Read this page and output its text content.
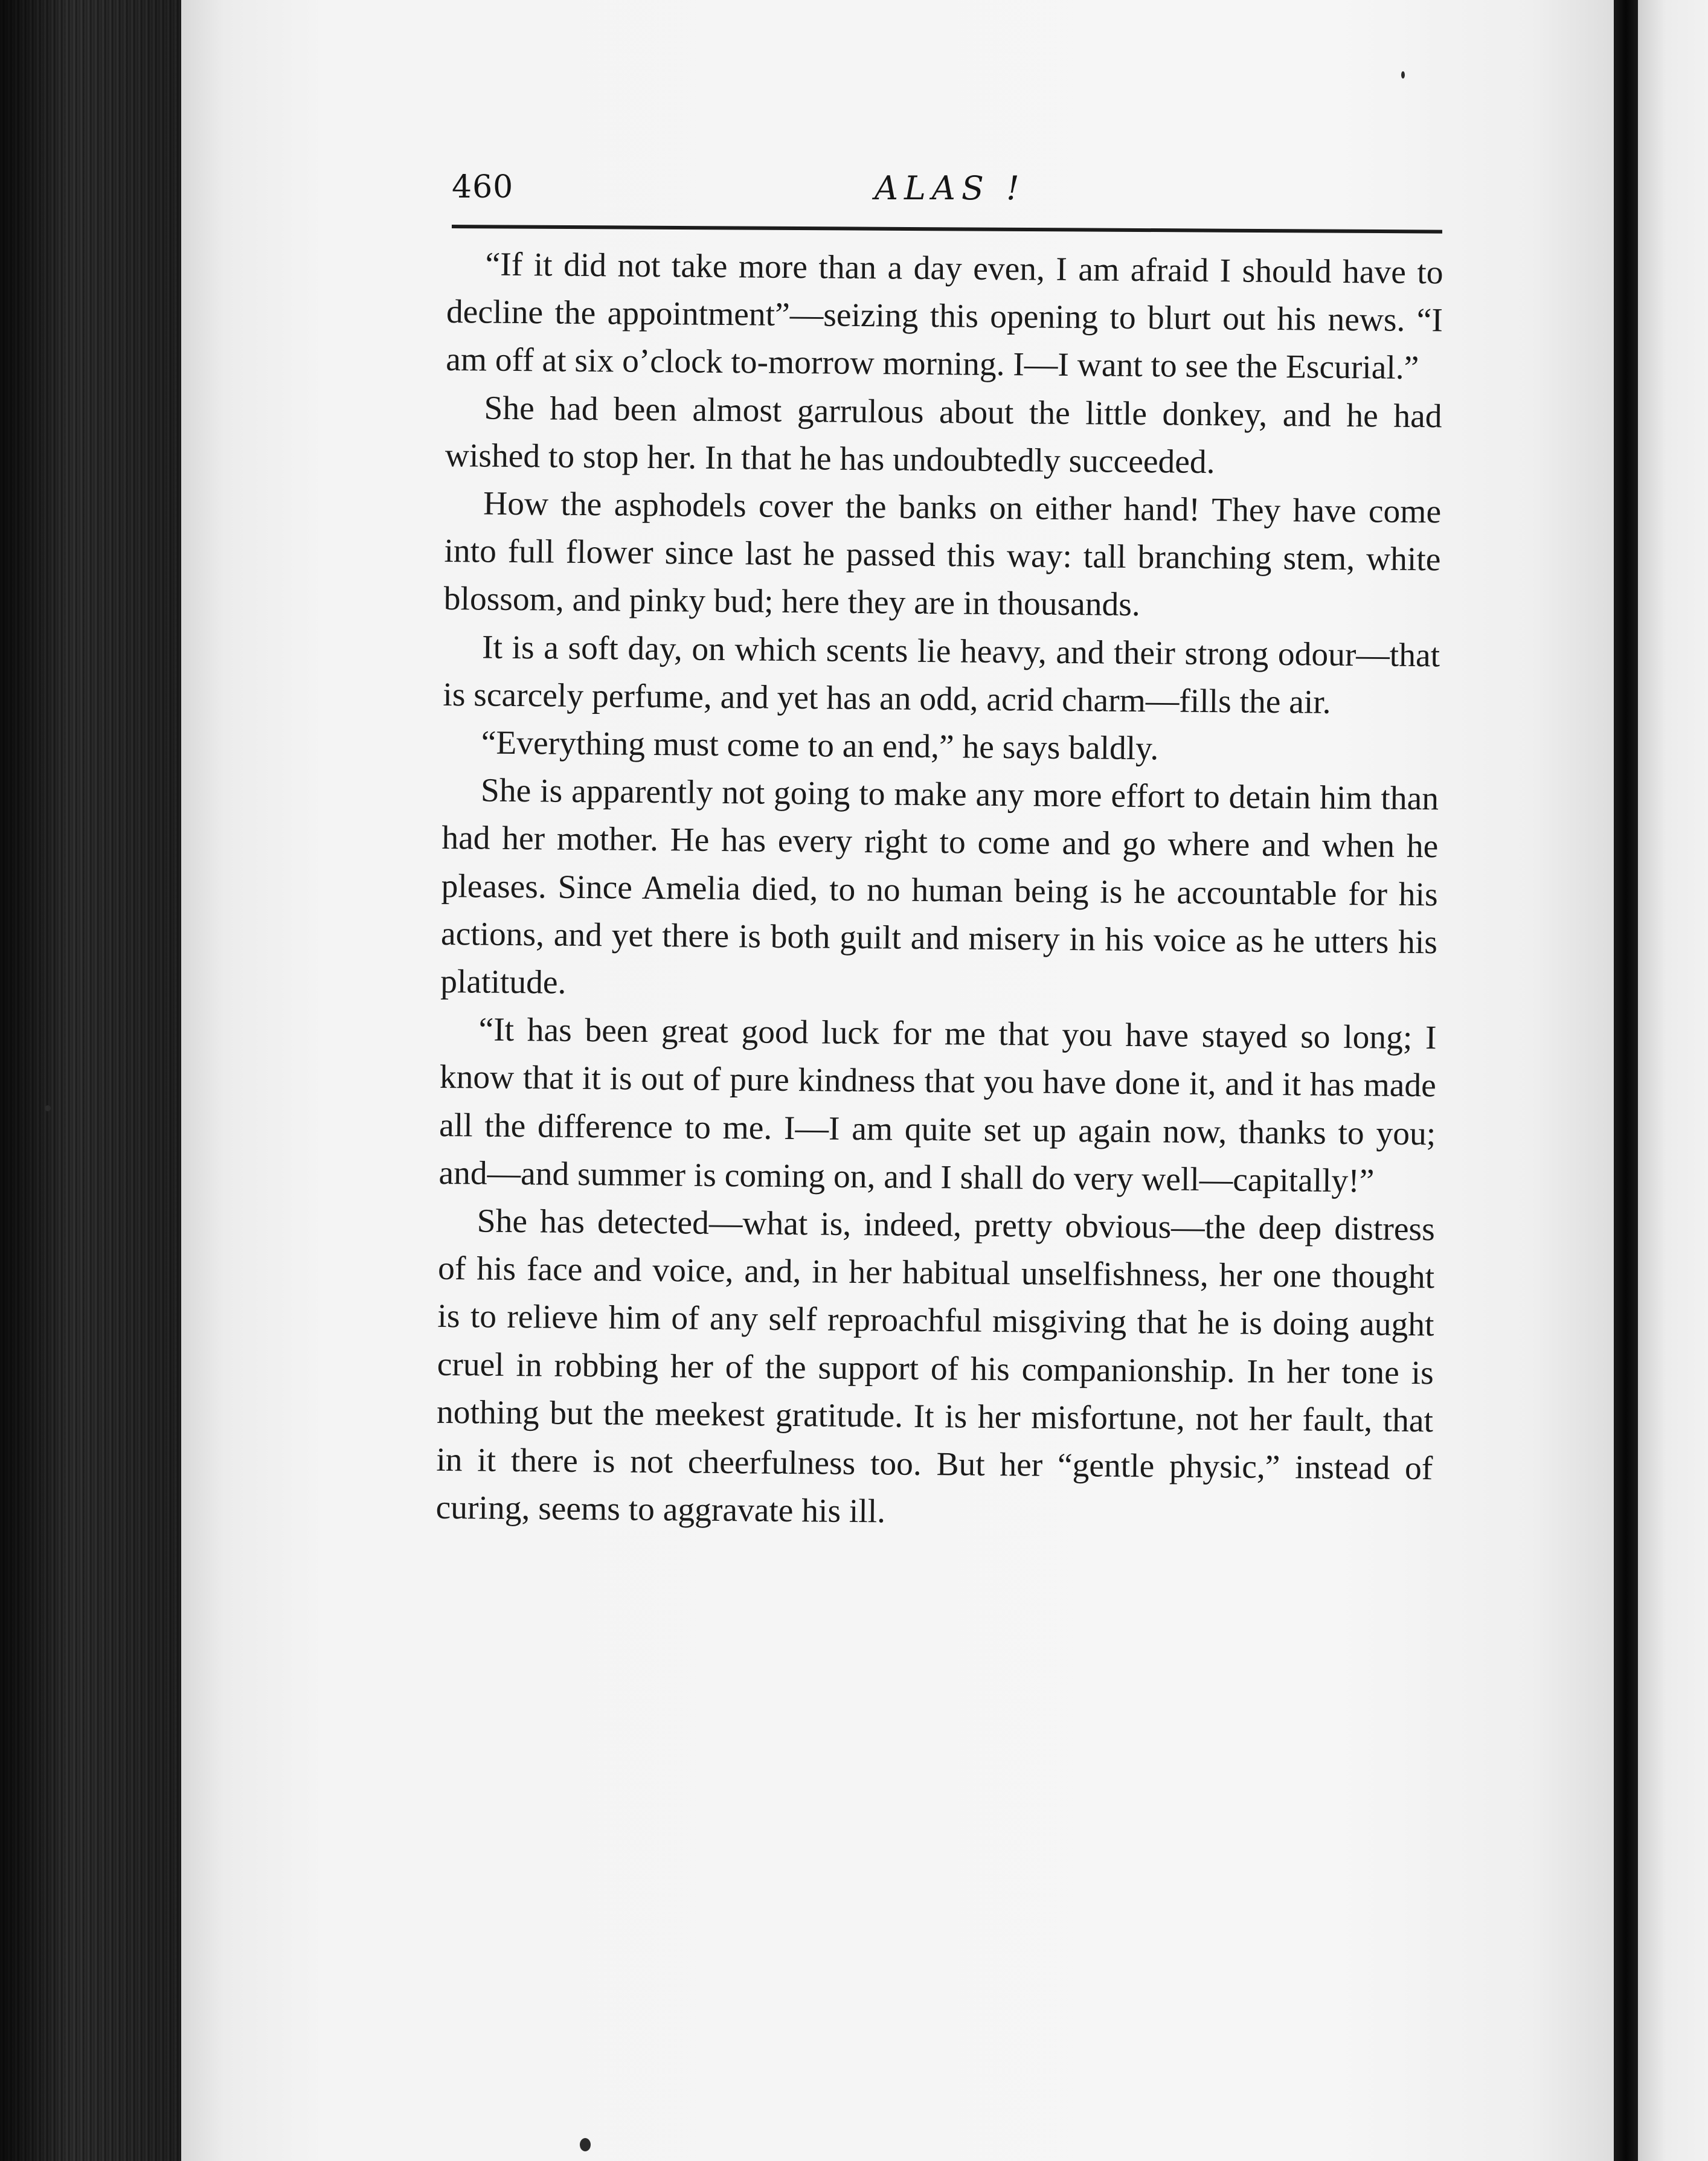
460	ALAS !

“If it did not take more than a day even, I am afraid I should have to decline the appointment”—seizing this opening to blurt out his news. “I am off at six o’clock to-morrow morning. I—I want to see the Escurial.”

She had been almost garrulous about the little donkey, and he had wished to stop her. In that he has undoubtedly succeeded.

How the asphodels cover the banks on either hand! They have come into full flower since last he passed this way: tall branching stem, white blossom, and pinky bud; here they are in thousands.

It is a soft day, on which scents lie heavy, and their strong odour—that is scarcely perfume, and yet has an odd, acrid charm—fills the air.

“Everything must come to an end,” he says baldly.

She is apparently not going to make any more effort to detain him than had her mother. He has every right to come and go where and when he pleases. Since Amelia died, to no human being is he accountable for his actions, and yet there is both guilt and misery in his voice as he utters his platitude.

“It has been great good luck for me that you have stayed so long; I know that it is out of pure kindness that you have done it, and it has made all the difference to me. I—I am quite set up again now, thanks to you; and—and summer is coming on, and I shall do very well—capitally!”

She has detected—what is, indeed, pretty obvious—the deep distress of his face and voice, and, in her habitual unselfishness, her one thought is to relieve him of any self reproachful misgiving that he is doing aught cruel in robbing her of the support of his companionship. In her tone is nothing but the meekest gratitude. It is her misfortune, not her fault, that in it there is not cheerfulness too. But her “gentle physic,” instead of curing, seems to aggravate his ill.
